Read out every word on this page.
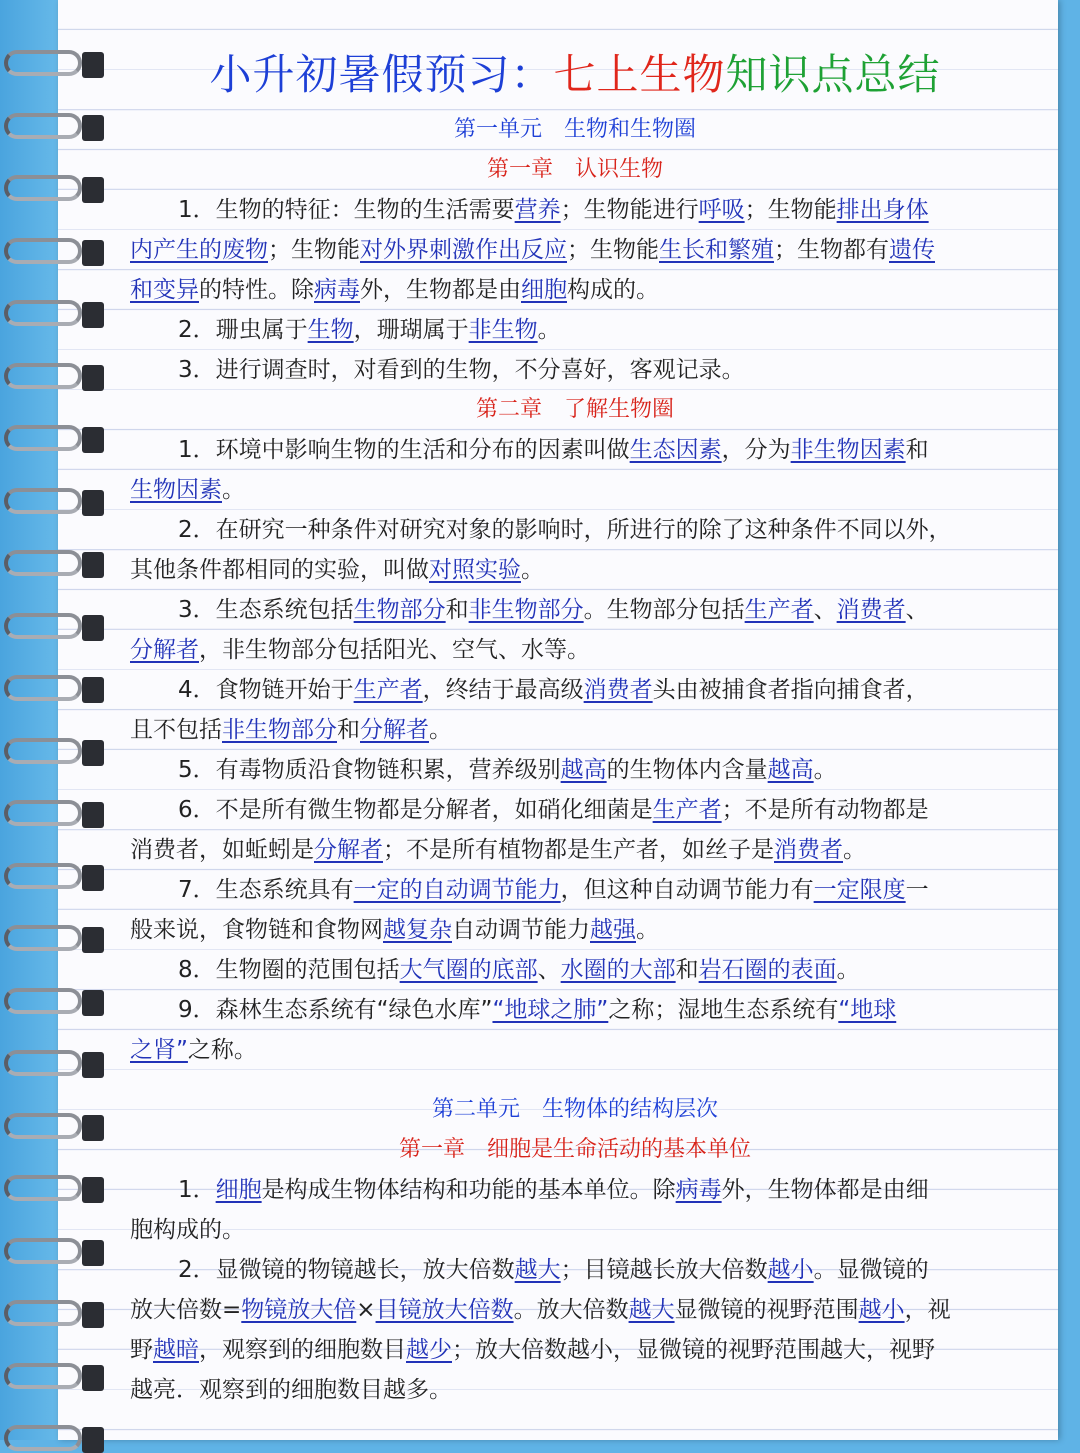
小升初暑假预习：七上生物知识点总结
第一单元　生物和生物圈
第一章　认识生物
1．生物的特征：生物的生活需要营养；生物能进行呼吸；生物能排出身体
内产生的废物；生物能对外界刺激作出反应；生物能生长和繁殖；生物都有遗传
和变异的特性。除病毒外，生物都是由细胞构成的。
2．珊虫属于生物，珊瑚属于非生物。
3．进行调查时，对看到的生物，不分喜好，客观记录。
第二章　了解生物圈
1．环境中影响生物的生活和分布的因素叫做生态因素，分为非生物因素和
生物因素。
2．在研究一种条件对研究对象的影响时，所进行的除了这种条件不同以外，
其他条件都相同的实验，叫做对照实验。
3．生态系统包括生物部分和非生物部分。生物部分包括生产者、消费者、
分解者，非生物部分包括阳光、空气、水等。
4．食物链开始于生产者，终结于最高级消费者头由被捕食者指向捕食者，
且不包括非生物部分和分解者。
5．有毒物质沿食物链积累，营养级别越高的生物体内含量越高。
6．不是所有微生物都是分解者，如硝化细菌是生产者；不是所有动物都是
消费者，如蚯蚓是分解者；不是所有植物都是生产者，如丝子是消费者。
7．生态系统具有一定的自动调节能力，但这种自动调节能力有一定限度一
般来说，食物链和食物网越复杂自动调节能力越强。
8．生物圈的范围包括大气圈的底部、水圈的大部和岩石圈的表面。
9．森林生态系统有“绿色水库”“地球之肺”之称；湿地生态系统有“地球
之肾”之称。
第二单元　生物体的结构层次
第一章　细胞是生命活动的基本单位
1．细胞是构成生物体结构和功能的基本单位。除病毒外，生物体都是由细
胞构成的。
2．显微镜的物镜越长，放大倍数越大；目镜越长放大倍数越小。显微镜的
放大倍数=物镜放大倍×目镜放大倍数。放大倍数越大显微镜的视野范围越小，视
野越暗，观察到的细胞数目越少；放大倍数越小，显微镜的视野范围越大，视野
越亮．观察到的细胞数目越多。
